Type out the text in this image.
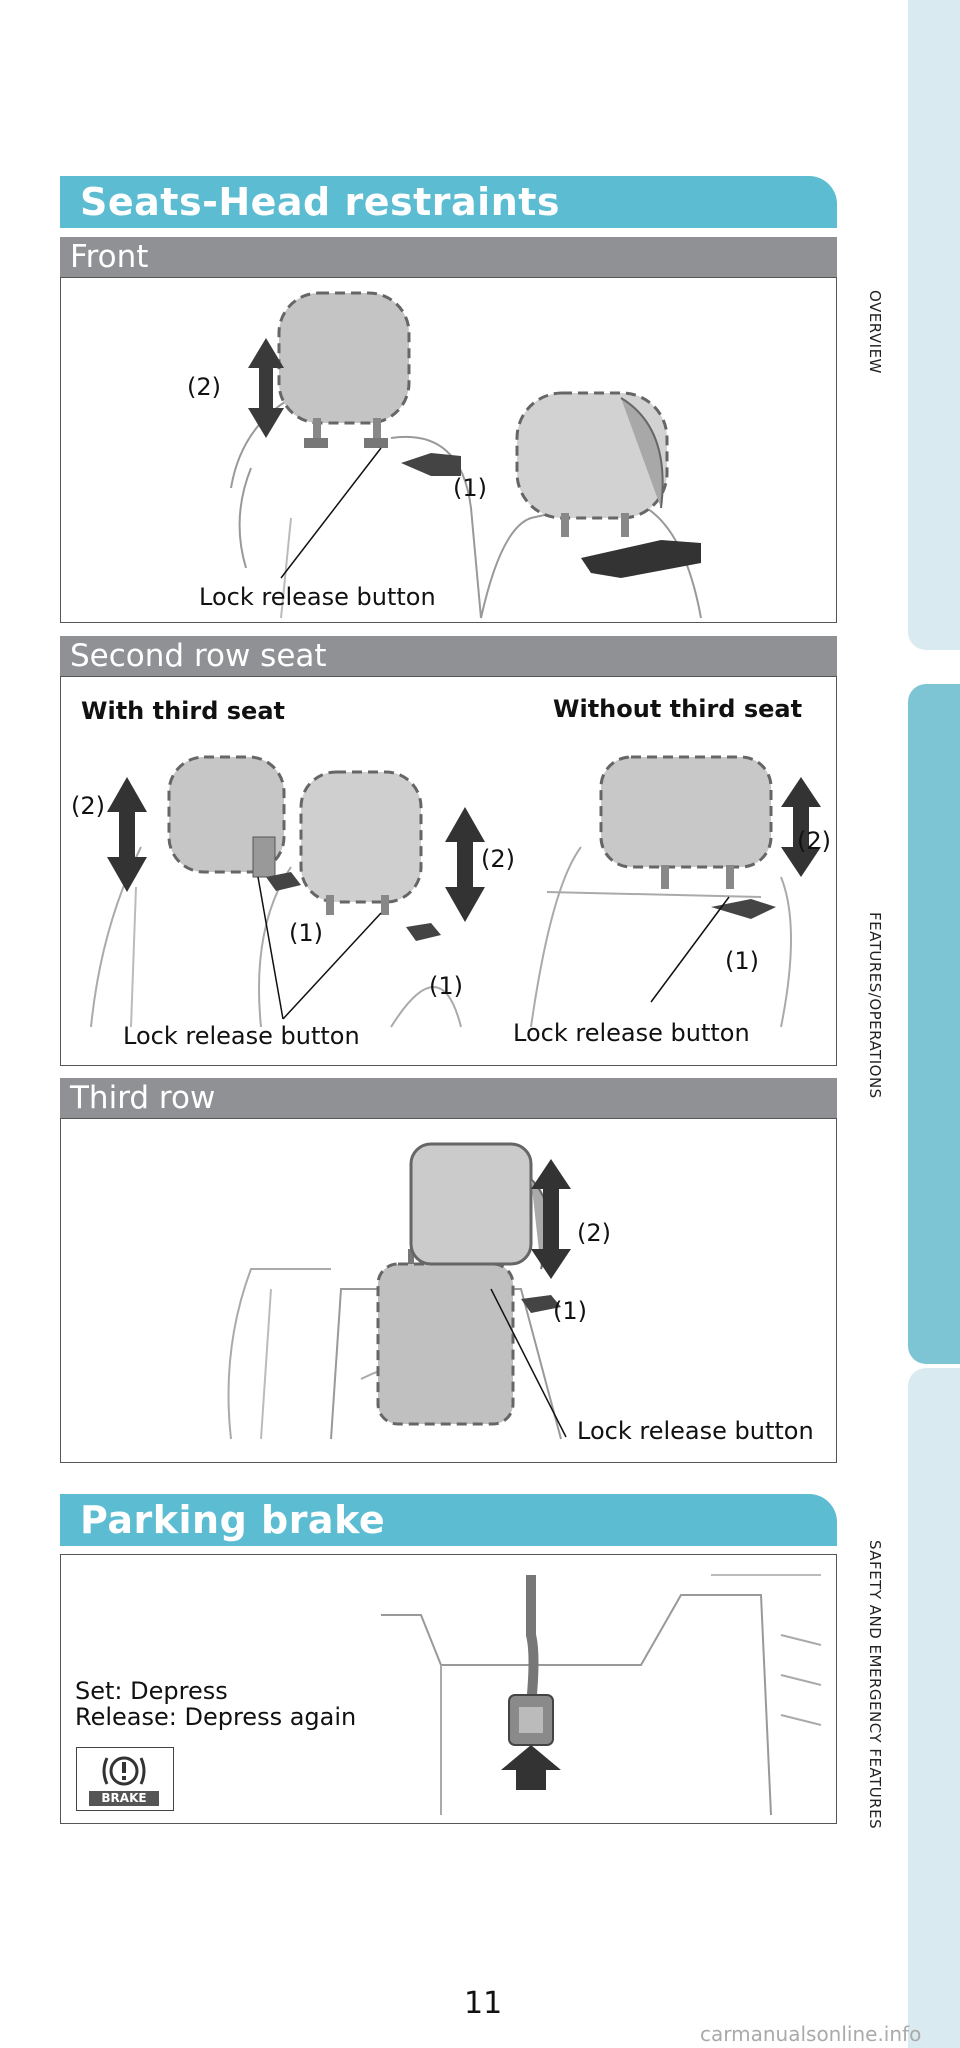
OVERVIEW
FEATURES/OPERATIONS
SAFETY AND EMERGENCY FEATURES
Seats-Head restraints
Front
(2)
(1)
Lock release button
Second row seat
With third seat	Without third seat
(2)
(2)
(2)
(1)
(1)
(1)
Lock release button	Lock release button
Third row
(2)
(1)
Lock release button
Parking brake
Set: Depress
Release: Depress again
BRAKE
11
carmanualsonline.info
